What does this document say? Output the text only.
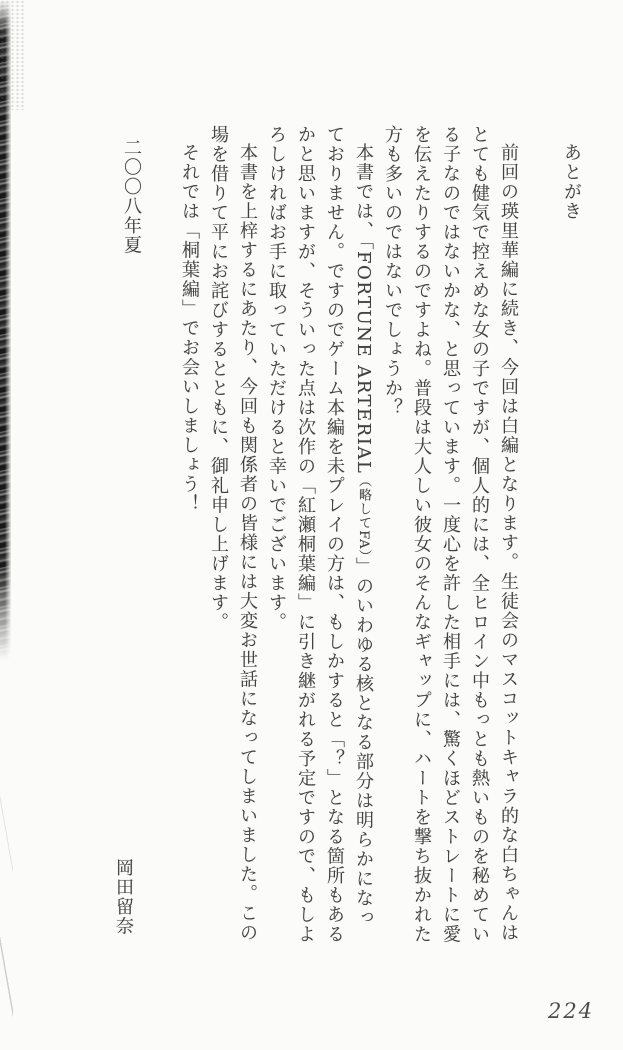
あとがき

前回の瑛里華編に続き、今回は白編となります。生徒会のマスコットキャラ的な白ちゃんはとても健気で控えめな女の子ですが、個人的には、全ヒロイン中もっとも熱いものを秘めている子なのではないかな、と思っています。一度心を許した相手には、驚くほどストレートに愛を伝えたりするのですよね。普段は大人しい彼女のそんなギャップに、ハートを撃ち抜かれた方も多いのではないでしょうか？

本書では、「FORTUNE ARTERIAL（略してFA）」のいわゆる核となる部分は明らかになっておりません。ですのでゲーム本編を未プレイの方は、もしかすると「？」となる箇所もあるかと思いますが、そういった点は次作の「紅瀬桐葉編」に引き継がれる予定ですので、もしよろしければお手に取っていただけると幸いでございます。

本書を上梓するにあたり、今回も関係者の皆様には大変お世話になってしまいました。この場を借りて平にお詫びするとともに、御礼申し上げます。

それでは「桐葉編」でお会いしましょう！

二〇〇八年夏
岡田留奈
224
